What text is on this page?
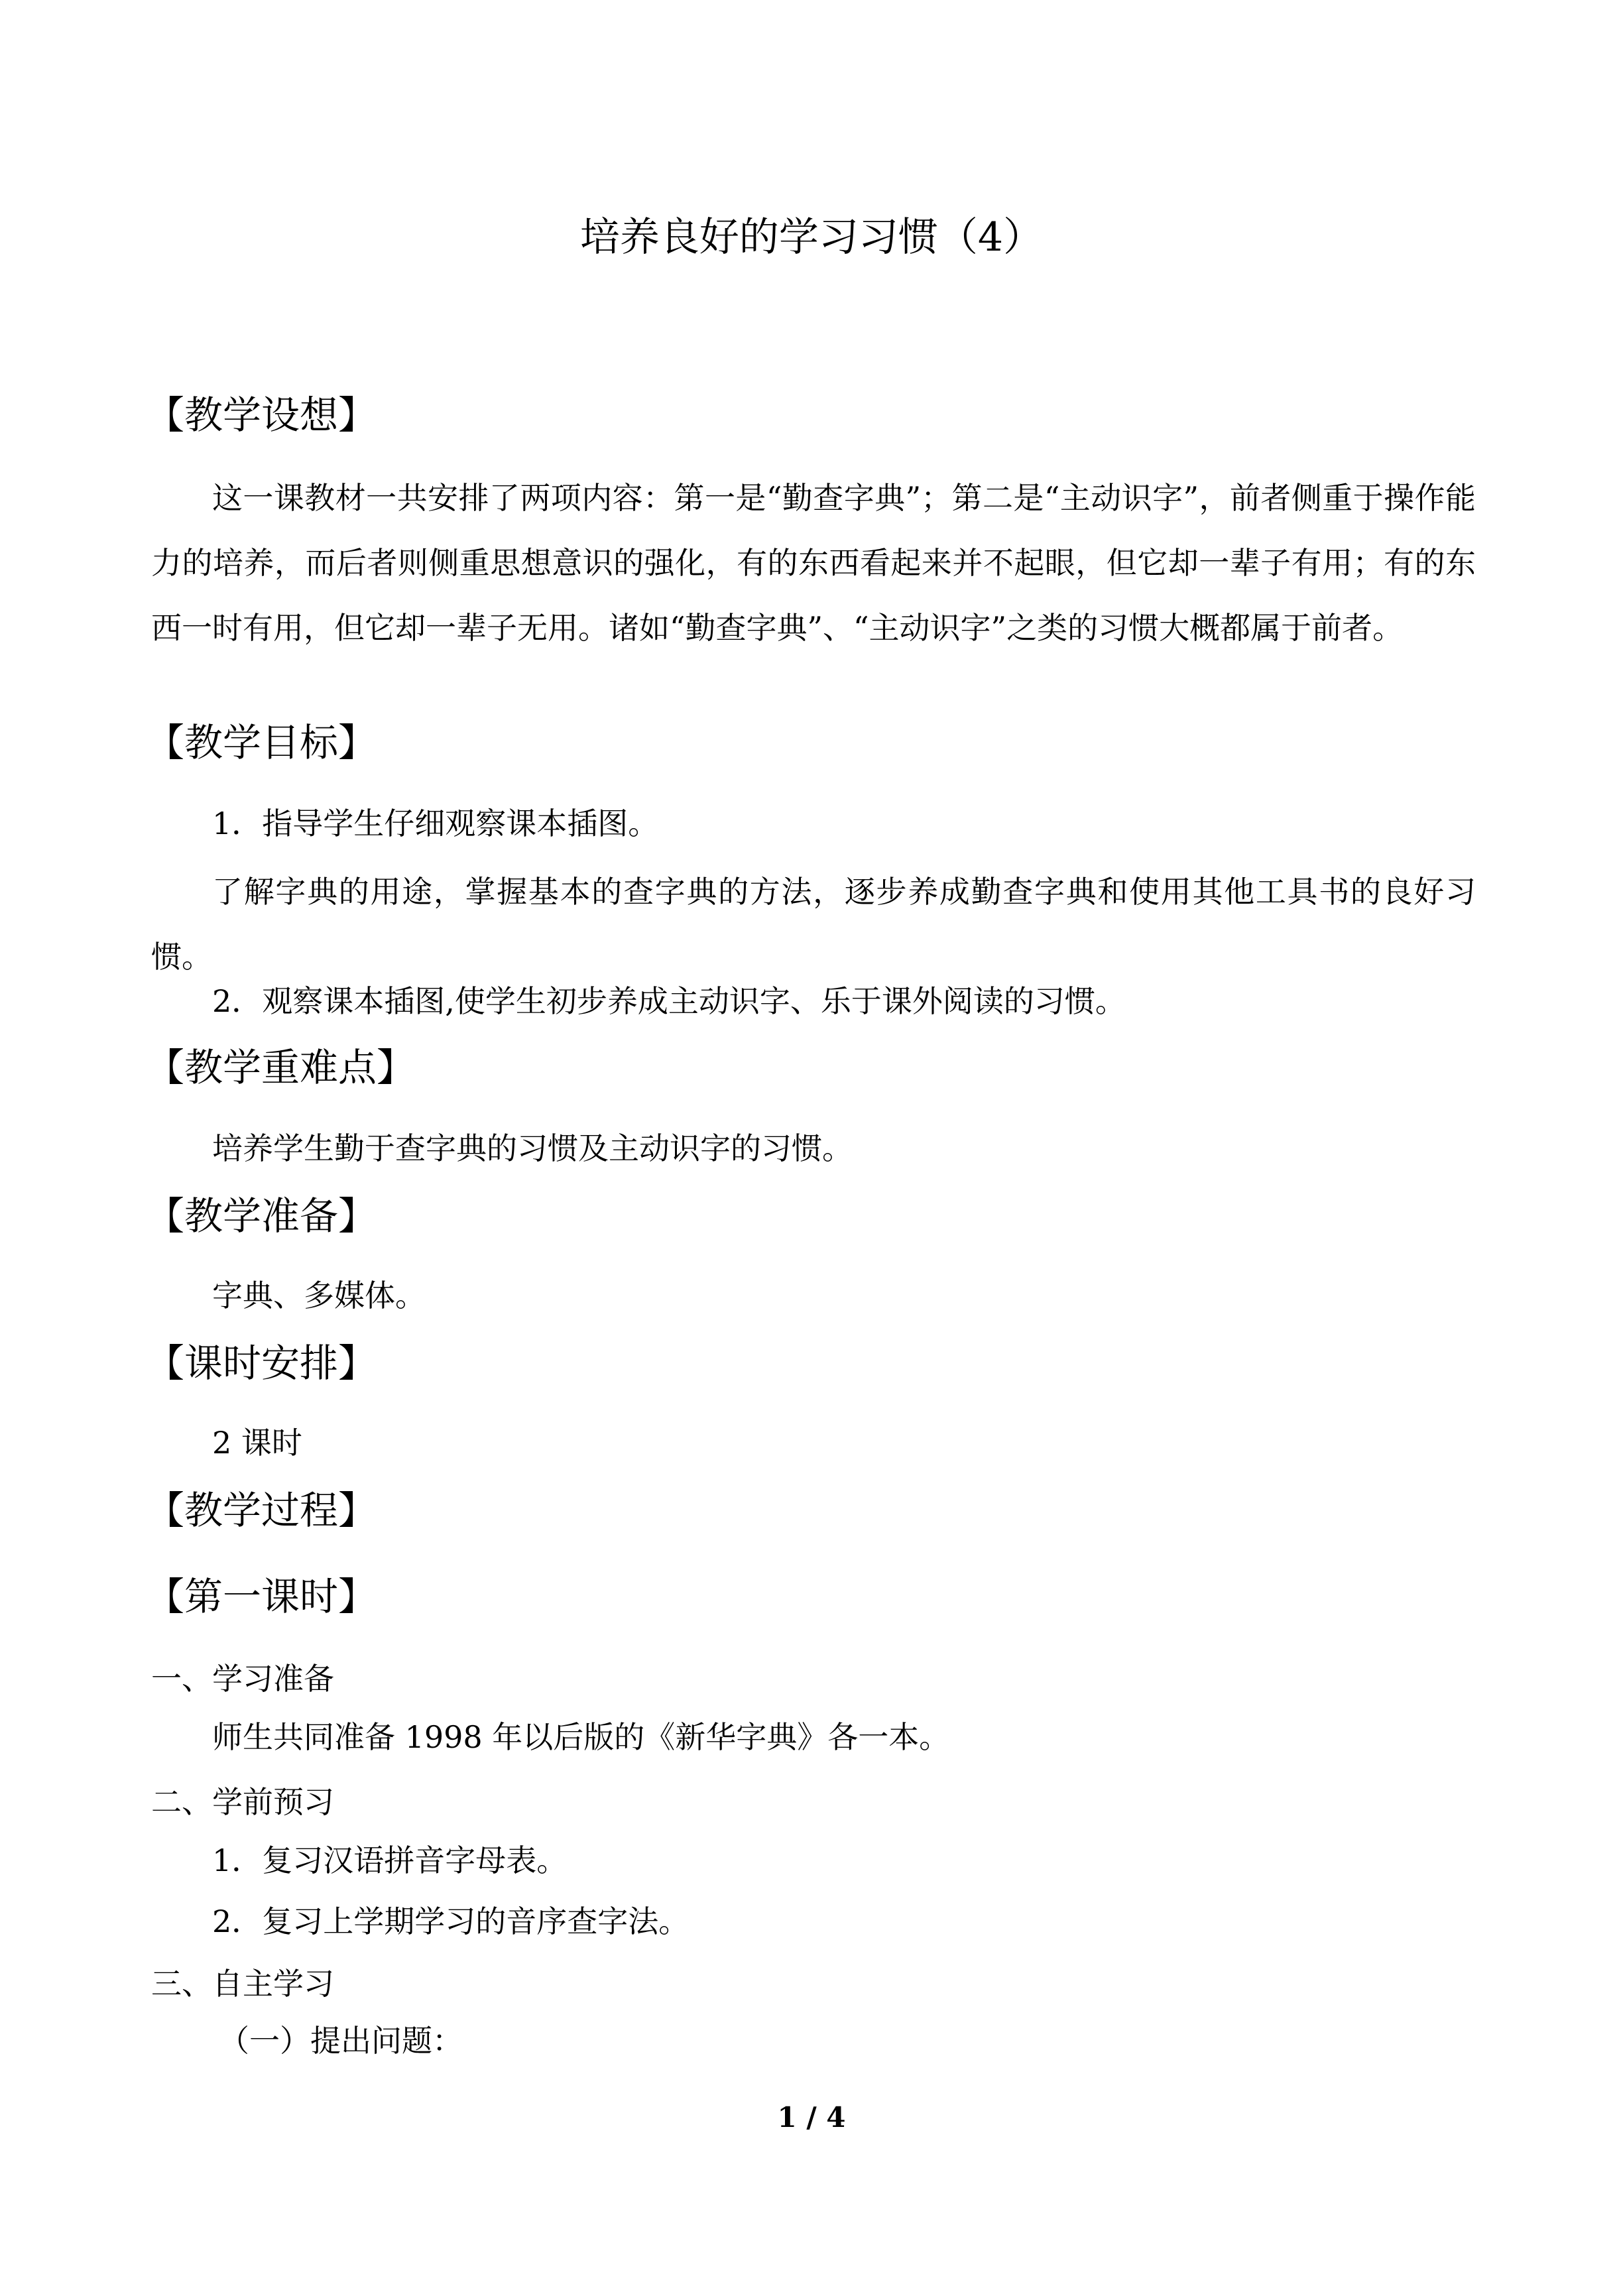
培养良好的学习习惯（4）
【教学设想】
这一课教材一共安排了两项内容：第一是“勤查字典”；第二是“主动识字”，前者侧重于操作能力的培养，而后者则侧重思想意识的强化，有的东西看起来并不起眼，但它却一辈子有用；有的东西一时有用，但它却一辈子无用。诸如“勤查字典”、“主动识字”之类的习惯大概都属于前者。
【教学目标】
1．指导学生仔细观察课本插图。
了解字典的用途，掌握基本的查字典的方法，逐步养成勤查字典和使用其他工具书的良好习惯。
2．观察课本插图,使学生初步养成主动识字、乐于课外阅读的习惯。
【教学重难点】
培养学生勤于查字典的习惯及主动识字的习惯。
【教学准备】
字典、多媒体。
【课时安排】
2 课时
【教学过程】
【第一课时】
一、学习准备
师生共同准备 1998 年以后版的《新华字典》各一本。
二、学前预习
1．复习汉语拼音字母表。
2．复习上学期学习的音序查字法。
三、自主学习
（一）提出问题：
1 / 4
